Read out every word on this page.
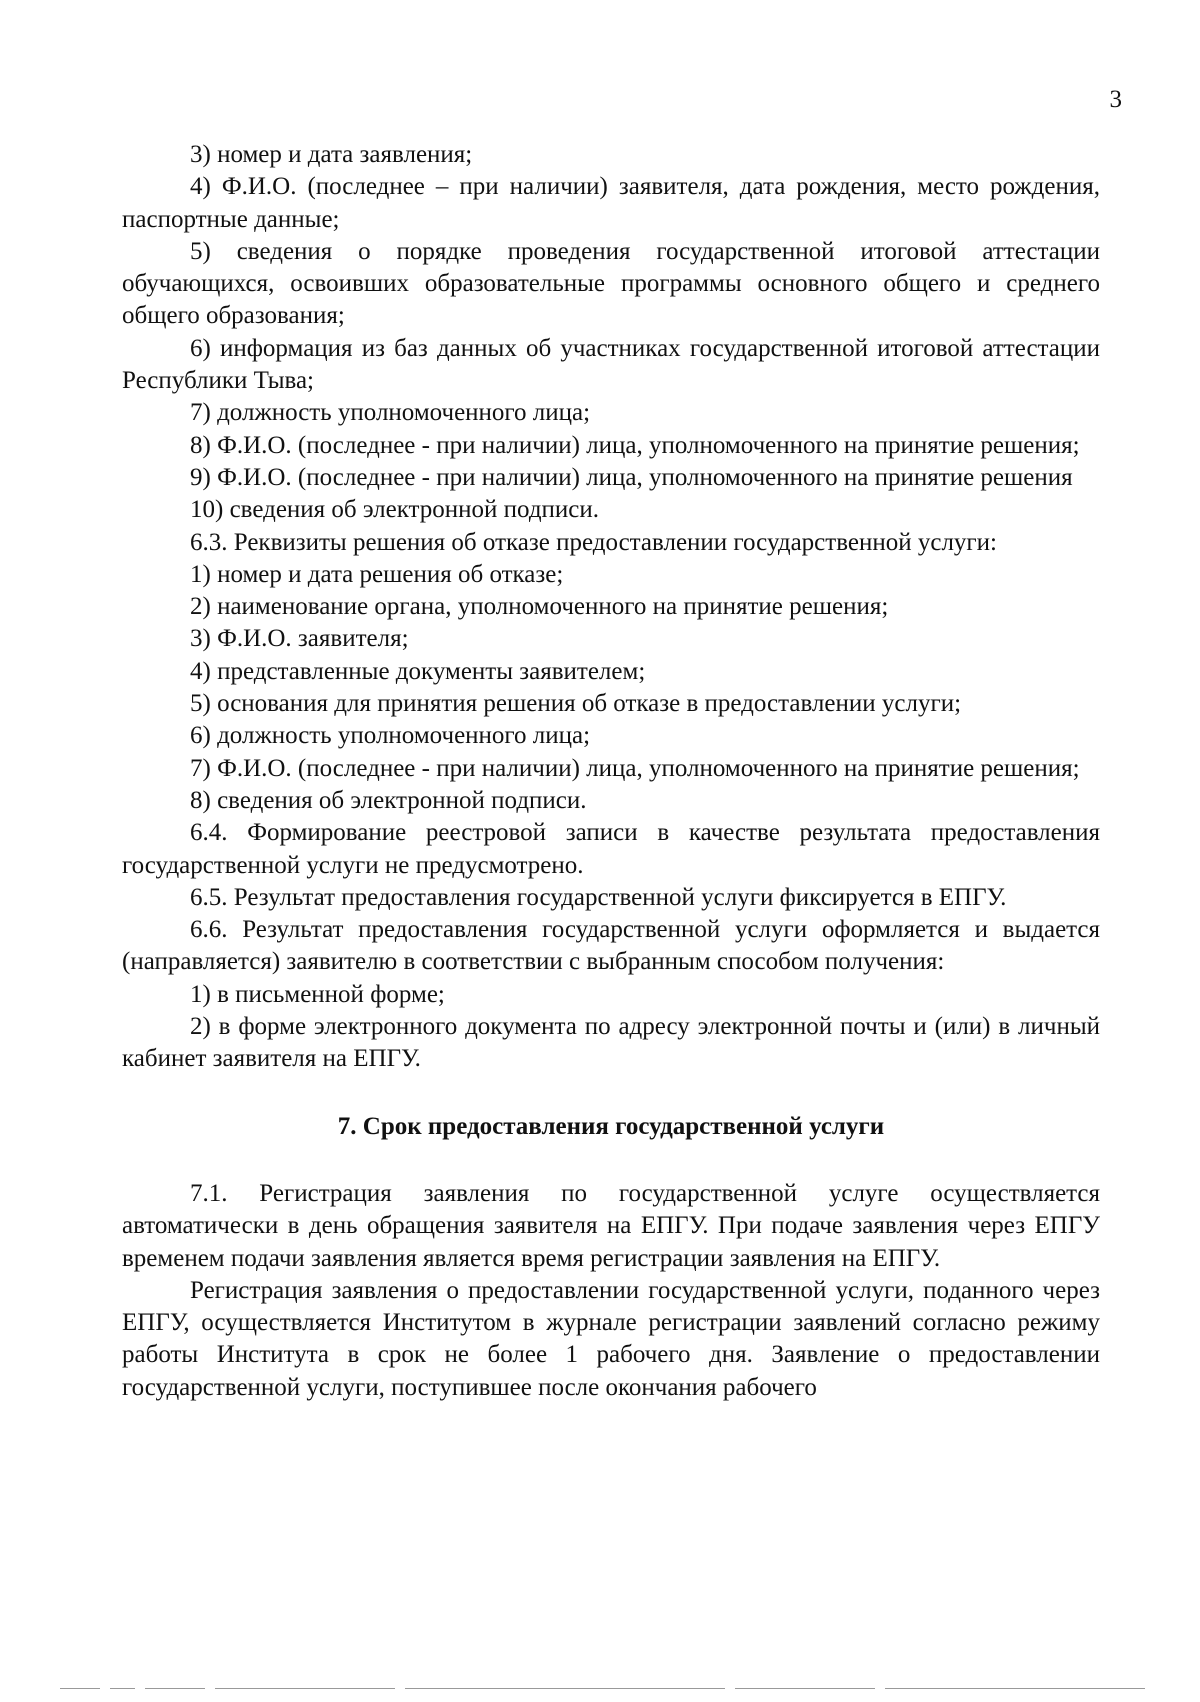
3

3) номер и дата заявления;

4) Ф.И.О. (последнее – при наличии) заявителя, дата рождения, место рождения, паспортные данные;

5) сведения о порядке проведения государственной итоговой аттестации обучающихся, освоивших образовательные программы основного общего и среднего общего образования;

6) информация из баз данных об участниках государственной итоговой аттестации Республики Тыва;

7) должность уполномоченного лица;

8) Ф.И.О. (последнее - при наличии) лица, уполномоченного на принятие решения;

9) Ф.И.О. (последнее - при наличии) лица, уполномоченного на принятие решения

10) сведения об электронной подписи.

6.3. Реквизиты решения об отказе предоставлении государственной услуги:

1) номер и дата решения об отказе;

2) наименование органа, уполномоченного на принятие решения;

3) Ф.И.О. заявителя;

4) представленные документы заявителем;

5) основания для принятия решения об отказе в предоставлении услуги;

6) должность уполномоченного лица;

7) Ф.И.О. (последнее - при наличии) лица, уполномоченного на принятие решения;

8) сведения об электронной подписи.

6.4. Формирование реестровой записи в качестве результата предоставления государственной услуги не предусмотрено.

6.5. Результат предоставления государственной услуги фиксируется в ЕПГУ.

6.6. Результат предоставления государственной услуги оформляется и выдается (направляется) заявителю в соответствии с выбранным способом получения:

1) в письменной форме;

2) в форме электронного документа по адресу электронной почты и (или) в личный кабинет заявителя на ЕПГУ.

7. Срок предоставления государственной услуги

7.1. Регистрация заявления по государственной услуге осуществляется автоматически в день обращения заявителя на ЕПГУ. При подаче заявления через ЕПГУ временем подачи заявления является время регистрации заявления на ЕПГУ.

Регистрация заявления о предоставлении государственной услуги, поданного через ЕПГУ, осуществляется Институтом в журнале регистрации заявлений согласно режиму работы Института в срок не более 1 рабочего дня. Заявление о предоставлении государственной услуги, поступившее после окончания рабочего
